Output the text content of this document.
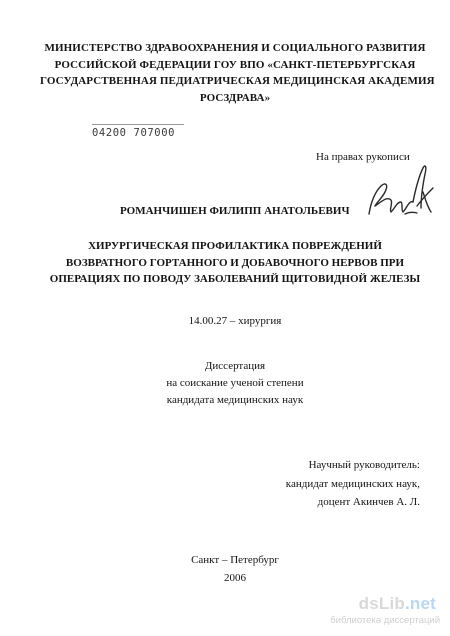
МИНИСТЕРСТВО ЗДРАВООХРАНЕНИЯ И СОЦИАЛЬНОГО РАЗВИТИЯ
РОССИЙСКОЙ ФЕДЕРАЦИИ ГОУ ВПО «САНКТ-ПЕТЕРБУРГСКАЯ
ГОСУДАРСТВЕННАЯ ПЕДИАТРИЧЕСКАЯ МЕДИЦИНСКАЯ АКАДЕМИЯ
РОСЗДРАВА»
04200 707000
На правах рукописи
РОМАНЧИШЕН ФИЛИПП АНАТОЛЬЕВИЧ
ХИРУРГИЧЕСКАЯ ПРОФИЛАКТИКА ПОВРЕЖДЕНИЙ
ВОЗВРАТНОГО ГОРТАННОГО И ДОБАВОЧНОГО НЕРВОВ ПРИ
ОПЕРАЦИЯХ ПО ПОВОДУ ЗАБОЛЕВАНИЙ ЩИТОВИДНОЙ ЖЕЛЕЗЫ
14.00.27 – хирургия
Диссертация
на соискание ученой степени
кандидата медицинских наук
Научный руководитель:
кандидат медицинских наук,
доцент Акинчев А. Л.
Санкт – Петербург
2006
dsLib.net
библиотека диссертаций
